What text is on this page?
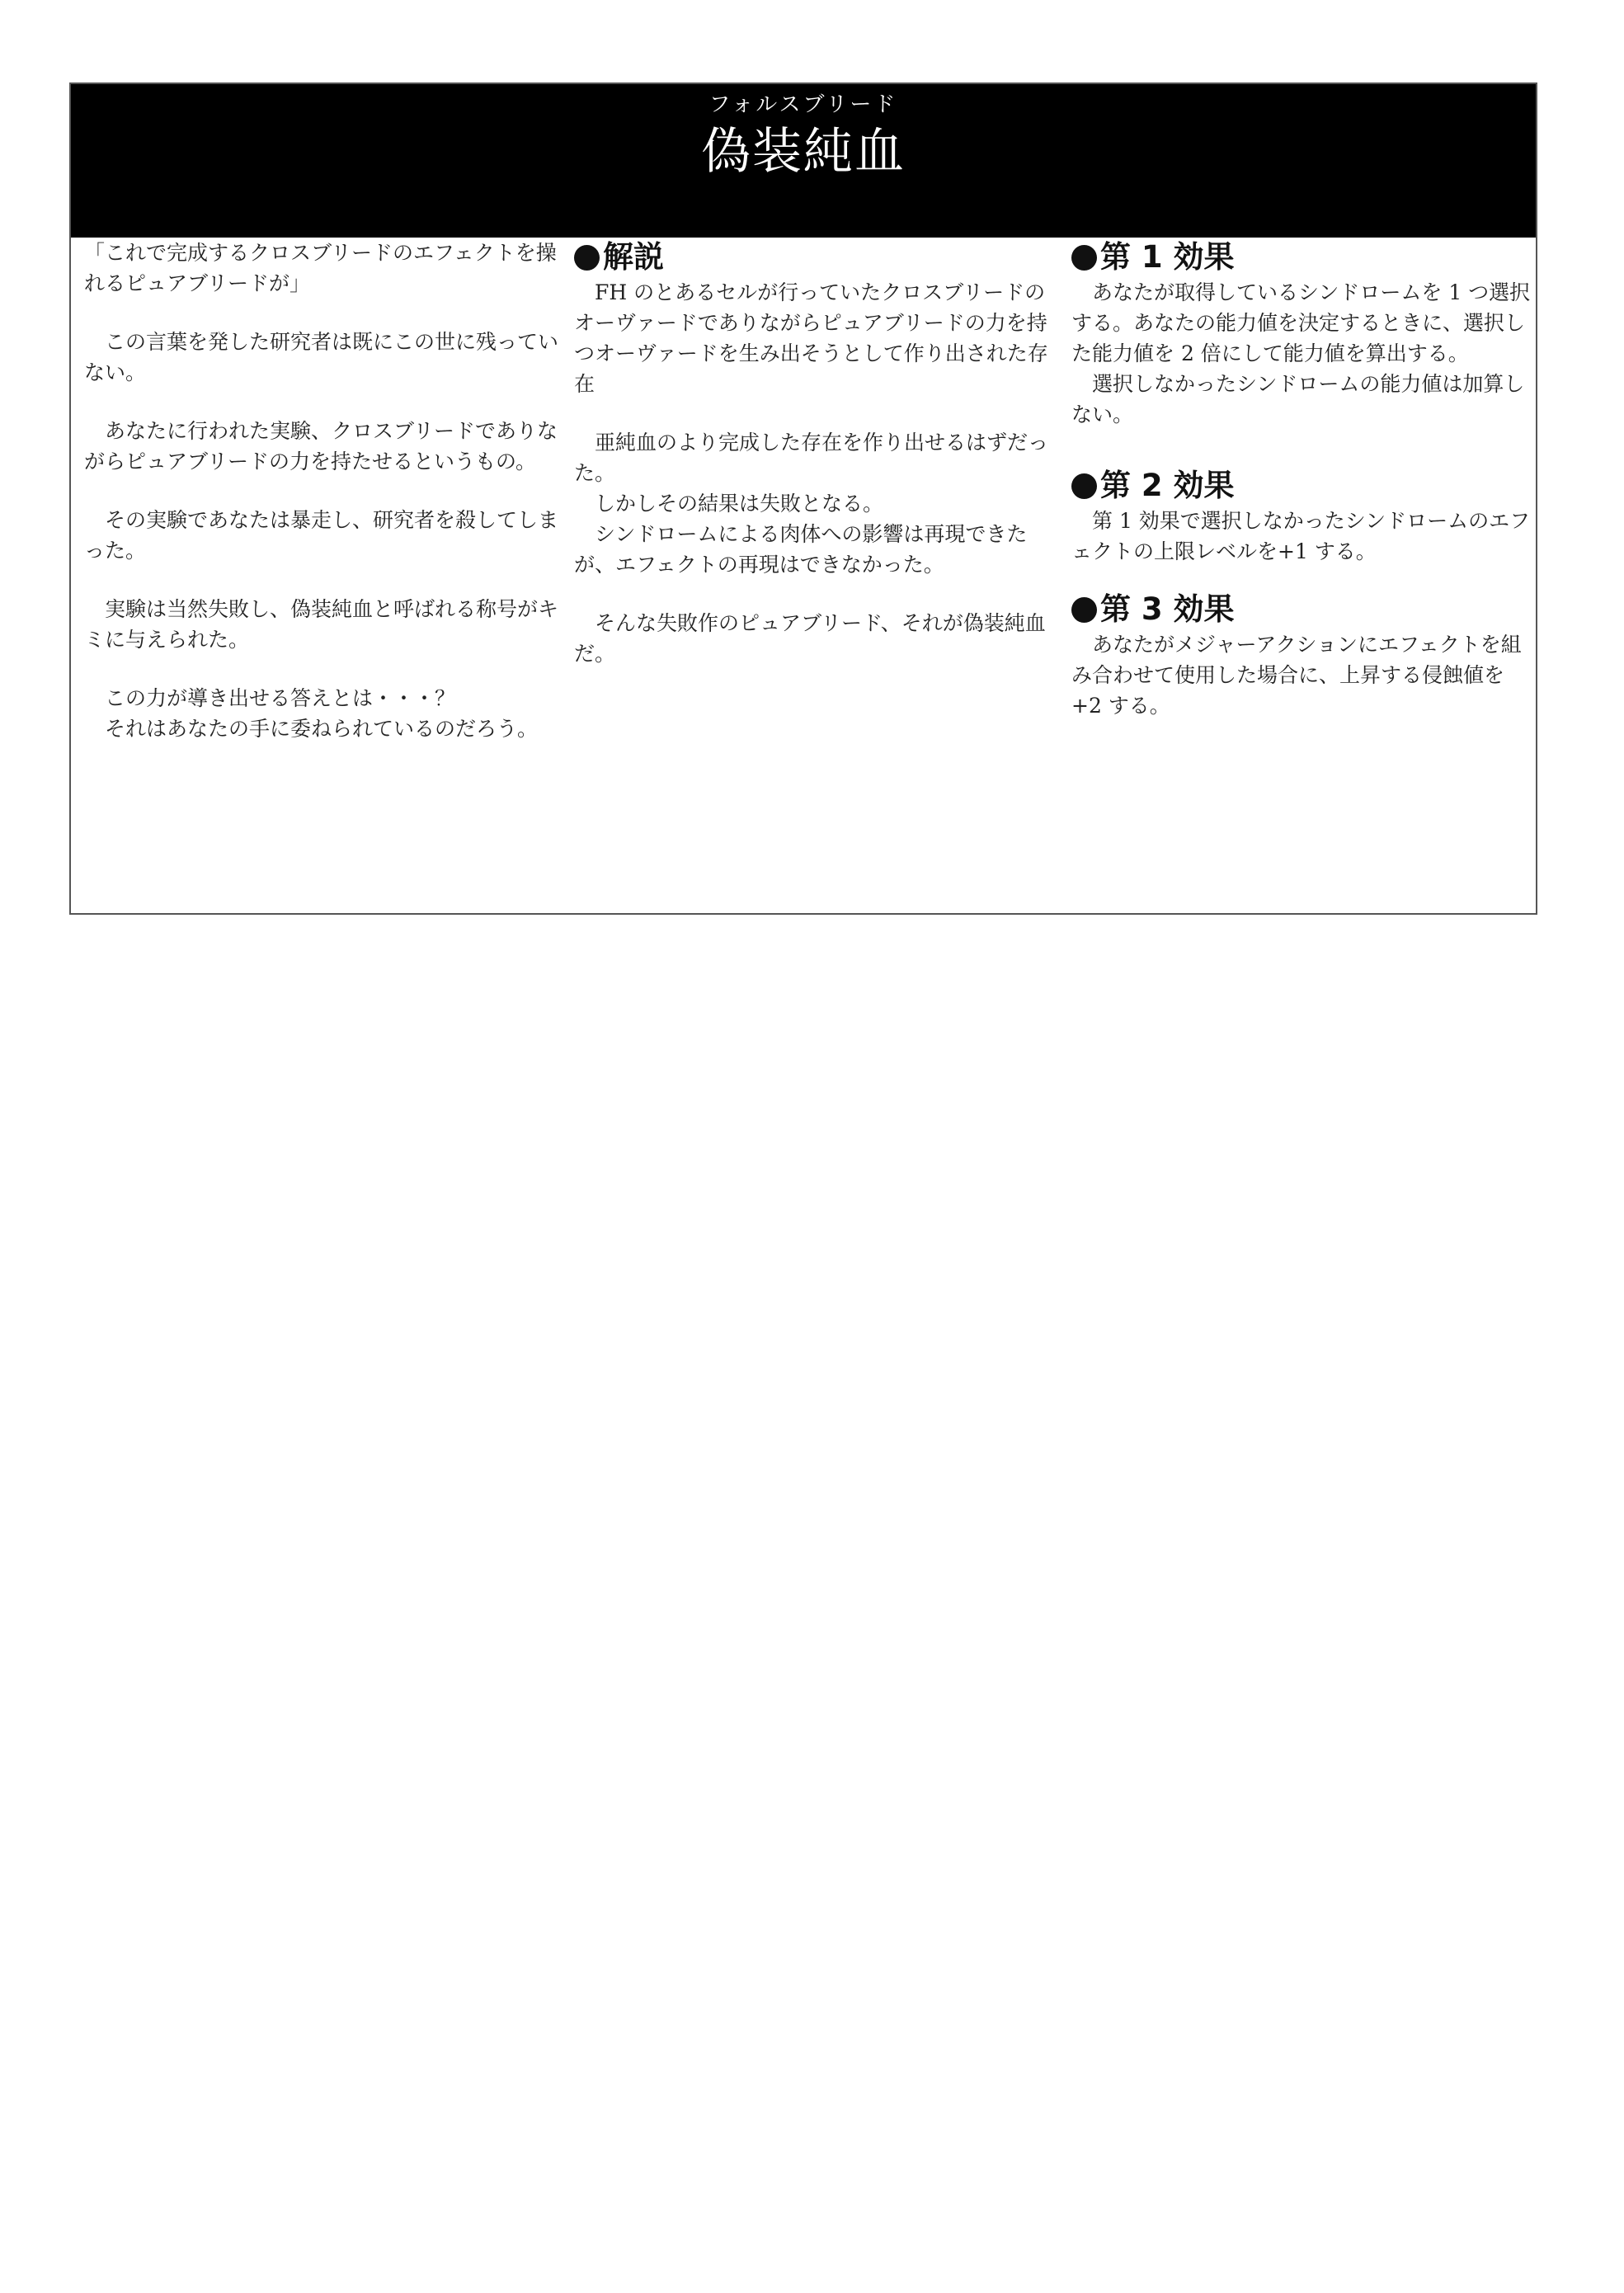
フォルスブリード
偽装純血

「これで完成するクロスブリードのエフェクトを操れるピュアブリードが」

　この言葉を発した研究者は既にこの世に残っていない。

　あなたに行われた実験、クロスブリードでありながらピュアブリードの力を持たせるというもの。

　その実験であなたは暴走し、研究者を殺してしまった。

　実験は当然失敗し、偽装純血と呼ばれる称号がキミに与えられた。

　この力が導き出せる答えとは・・・？
　それはあなたの手に委ねられているのだろう。

解説

　FH のとあるセルが行っていたクロスブリードのオーヴァードでありながらピュアブリードの力を持つオーヴァードを生み出そうとして作り出された存在

　亜純血のより完成した存在を作り出せるはずだった。
　しかしその結果は失敗となる。
　シンドロームによる肉体への影響は再現できたが、エフェクトの再現はできなかった。

　そんな失敗作のピュアブリード、それが偽装純血だ。

第 1 効果

　あなたが取得しているシンドロームを 1 つ選択する。あなたの能力値を決定するときに、選択した能力値を 2 倍にして能力値を算出する。
　選択しなかったシンドロームの能力値は加算しない。

第 2 効果

　第 1 効果で選択しなかったシンドロームのエフェクトの上限レベルを+1 する。

第 3 効果

　あなたがメジャーアクションにエフェクトを組み合わせて使用した場合に、上昇する侵蝕値を+2 する。
